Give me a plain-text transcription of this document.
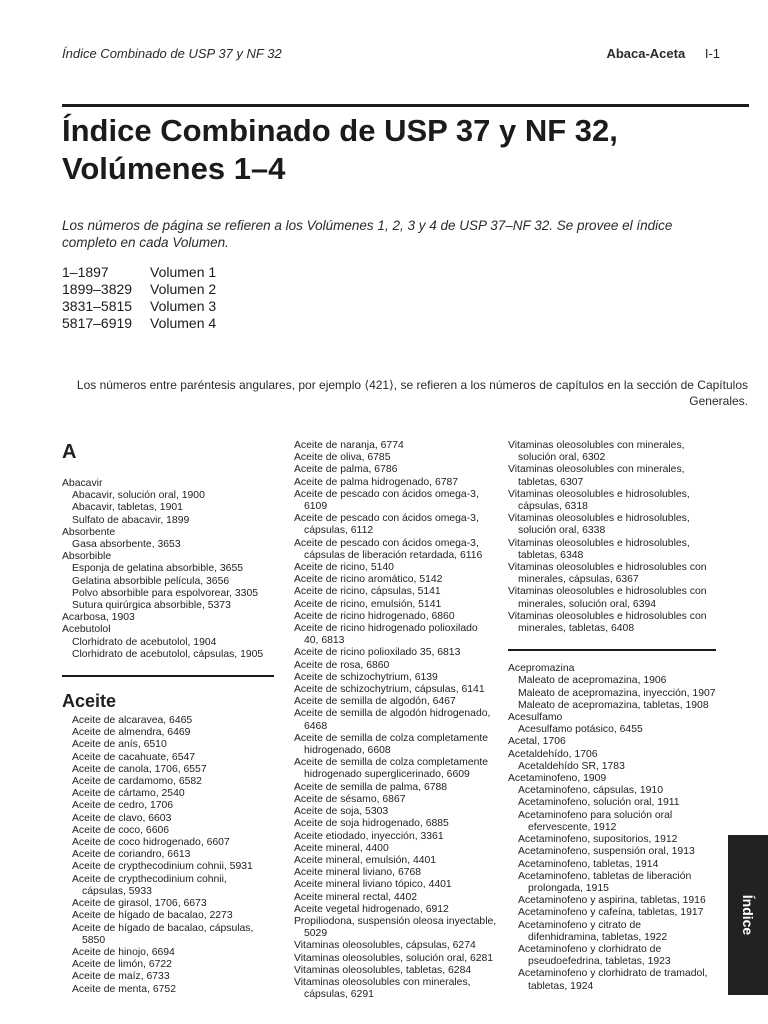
Índice Combinado de USP 37 y NF 32	Abaca-Aceta I-1
Índice Combinado de USP 37 y NF 32, Volúmenes 1–4
Los números de página se refieren a los Volúmenes 1, 2, 3 y 4 de USP 37–NF 32. Se provee el índice completo en cada Volumen.
1–1897	Volumen 1
1899–3829	Volumen 2
3831–5815	Volumen 3
5817–6919	Volumen 4
Los números entre paréntesis angulares, por ejemplo ⟨421⟩, se refieren a los números de capítulos en la sección de Capítulos Generales.
A
Abacavir
Abacavir, solución oral, 1900
Abacavir, tabletas, 1901
Sulfato de abacavir, 1899
Absorbente
Gasa absorbente, 3653
Absorbible
Esponja de gelatina absorbible, 3655
Gelatina absorbible película, 3656
Polvo absorbible para espolvorear, 3305
Sutura quirúrgica absorbible, 5373
Acarbosa, 1903
Acebutolol
Clorhidrato de acebutolol, 1904
Clorhidrato de acebutolol, cápsulas, 1905
Aceite
Aceite de alcaravea, 6465
Aceite de almendra, 6469
Aceite de anís, 6510
Aceite de cacahuate, 6547
Aceite de canola, 1706, 6557
Aceite de cardamomo, 6582
Aceite de cártamo, 2540
Aceite de cedro, 1706
Aceite de clavo, 6603
Aceite de coco, 6606
Aceite de coco hidrogenado, 6607
Aceite de coriandro, 6613
Aceite de crypthecodinium cohnii, 5931
Aceite de crypthecodinium cohnii,
cápsulas, 5933
Aceite de girasol, 1706, 6673
Aceite de hígado de bacalao, 2273
Aceite de hígado de bacalao, cápsulas,
5850
Aceite de hinojo, 6694
Aceite de limón, 6722
Aceite de maíz, 6733
Aceite de menta, 6752
Aceite de naranja, 6774
Aceite de oliva, 6785
Aceite de palma, 6786
Aceite de palma hidrogenado, 6787
Aceite de pescado con ácidos omega-3,
6109
Aceite de pescado con ácidos omega-3,
cápsulas, 6112
Aceite de pescado con ácidos omega-3,
cápsulas de liberación retardada, 6116
Aceite de ricino, 5140
Aceite de ricino aromático, 5142
Aceite de ricino, cápsulas, 5141
Aceite de ricino, emulsión, 5141
Aceite de ricino hidrogenado, 6860
Aceite de ricino hidrogenado polioxilado
40, 6813
Aceite de ricino polioxilado 35, 6813
Aceite de rosa, 6860
Aceite de schizochytrium, 6139
Aceite de schizochytrium, cápsulas, 6141
Aceite de semilla de algodón, 6467
Aceite de semilla de algodón hidrogenado,
6468
Aceite de semilla de colza completamente
hidrogenado, 6608
Aceite de semilla de colza completamente
hidrogenado superglicerinado, 6609
Aceite de semilla de palma, 6788
Aceite de sésamo, 6867
Aceite de soja, 5303
Aceite de soja hidrogenado, 6885
Aceite etiodado, inyección, 3361
Aceite mineral, 4400
Aceite mineral, emulsión, 4401
Aceite mineral liviano, 6768
Aceite mineral liviano tópico, 4401
Aceite mineral rectal, 4402
Aceite vegetal hidrogenado, 6912
Propiliodona, suspensión oleosa inyectable,
5029
Vitaminas oleosolubles, cápsulas, 6274
Vitaminas oleosolubles, solución oral, 6281
Vitaminas oleosolubles, tabletas, 6284
Vitaminas oleosolubles con minerales,
cápsulas, 6291
Vitaminas oleosolubles con minerales,
solución oral, 6302
Vitaminas oleosolubles con minerales,
tabletas, 6307
Vitaminas oleosolubles e hidrosolubles,
cápsulas, 6318
Vitaminas oleosolubles e hidrosolubles,
solución oral, 6338
Vitaminas oleosolubles e hidrosolubles,
tabletas, 6348
Vitaminas oleosolubles e hidrosolubles con
minerales, cápsulas, 6367
Vitaminas oleosolubles e hidrosolubles con
minerales, solución oral, 6394
Vitaminas oleosolubles e hidrosolubles con
minerales, tabletas, 6408
Acepromazina
Maleato de acepromazina, 1906
Maleato de acepromazina, inyección, 1907
Maleato de acepromazina, tabletas, 1908
Acesulfamo
Acesulfamo potásico, 6455
Acetal, 1706
Acetaldehído, 1706
Acetaldehído SR, 1783
Acetaminofeno, 1909
Acetaminofeno, cápsulas, 1910
Acetaminofeno, solución oral, 1911
Acetaminofeno para solución oral
efervescente, 1912
Acetaminofeno, supositorios, 1912
Acetaminofeno, suspensión oral, 1913
Acetaminofeno, tabletas, 1914
Acetaminofeno, tabletas de liberación
prolongada, 1915
Acetaminofeno y aspirina, tabletas, 1916
Acetaminofeno y cafeína, tabletas, 1917
Acetaminofeno y citrato de
difenhidramina, tabletas, 1922
Acetaminofeno y clorhidrato de
pseudoefedrina, tabletas, 1923
Acetaminofeno y clorhidrato de tramadol,
tabletas, 1924
Índice
